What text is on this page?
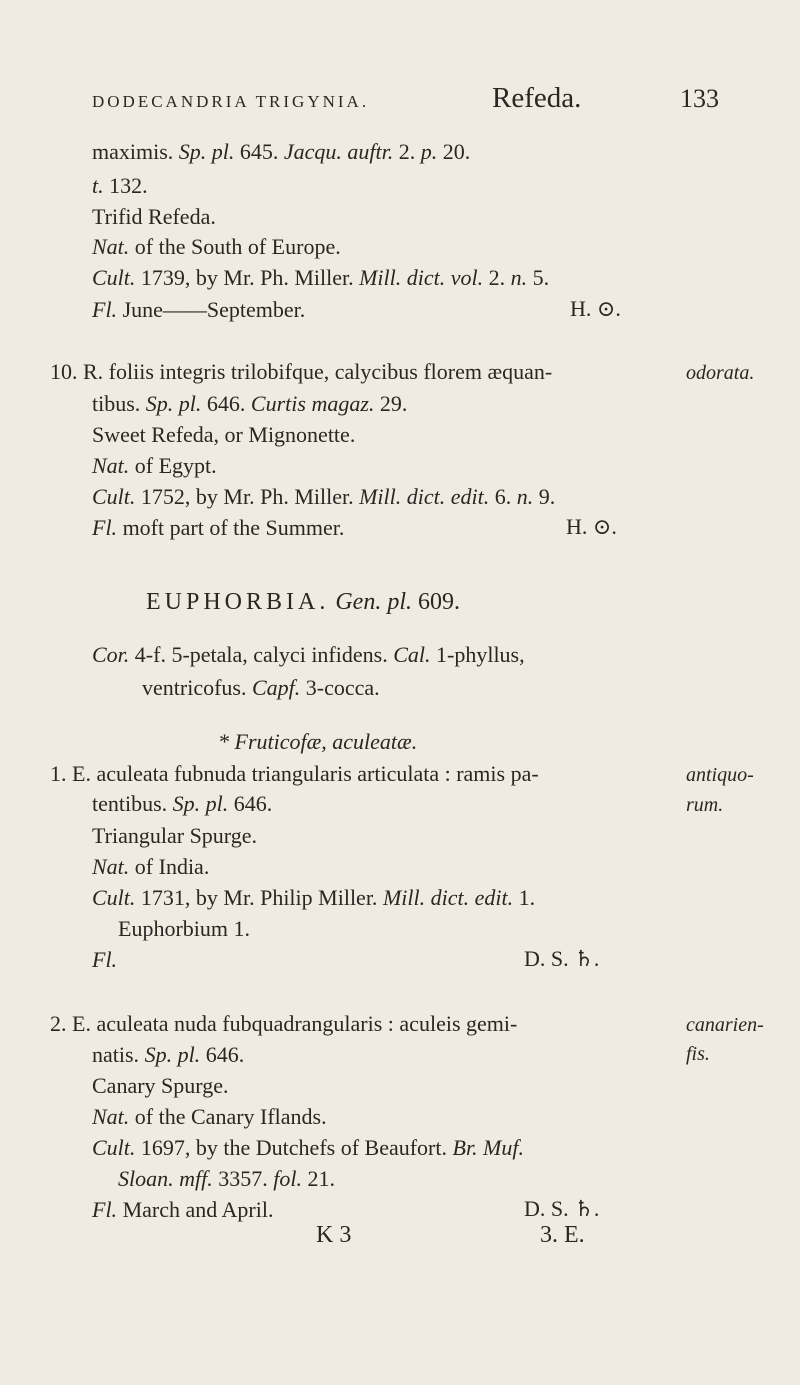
DODECANDRIA TRIGYNIA.	Refeda.	133
maximis. Sp. pl. 645. Jacqu. auftr. 2. p. 20.
t. 132.
Trifid Refeda.
Nat. of the South of Europe.
Cult. 1739, by Mr. Ph. Miller. Mill. dict. vol. 2. n. 5.
Fl. June——September.	H. ⊙.
10. R. foliis integris trilobifque, calycibus florem æquan-	odorata.
tibus. Sp. pl. 646. Curtis magaz. 29.
Sweet Refeda, or Mignonette.
Nat. of Egypt.
Cult. 1752, by Mr. Ph. Miller. Mill. dict. edit. 6. n. 9.
Fl. moft part of the Summer.	H. ⊙.
EUPHORBIA. Gen. pl. 609.
Cor. 4-f. 5-petala, calyci infidens. Cal. 1-phyllus,
ventricofus. Capf. 3-cocca.
* Fruticofæ, aculeatæ.
1. E. aculeata fubnuda triangularis articulata : ramis pa-	antiquo-
rum.
tentibus. Sp. pl. 646.
Triangular Spurge.
Nat. of India.
Cult. 1731, by Mr. Philip Miller. Mill. dict. edit. 1.
Euphorbium 1.
Fl.	D. S. ♄.
2. E. aculeata nuda fubquadrangularis : aculeis gemi-	canarien-
fis.
natis. Sp. pl. 646.
Canary Spurge.
Nat. of the Canary Iflands.
Cult. 1697, by the Dutchefs of Beaufort. Br. Muf.
Sloan. mff. 3357. fol. 21.
Fl. March and April.	D. S. ♄.
K 3	3. E.
